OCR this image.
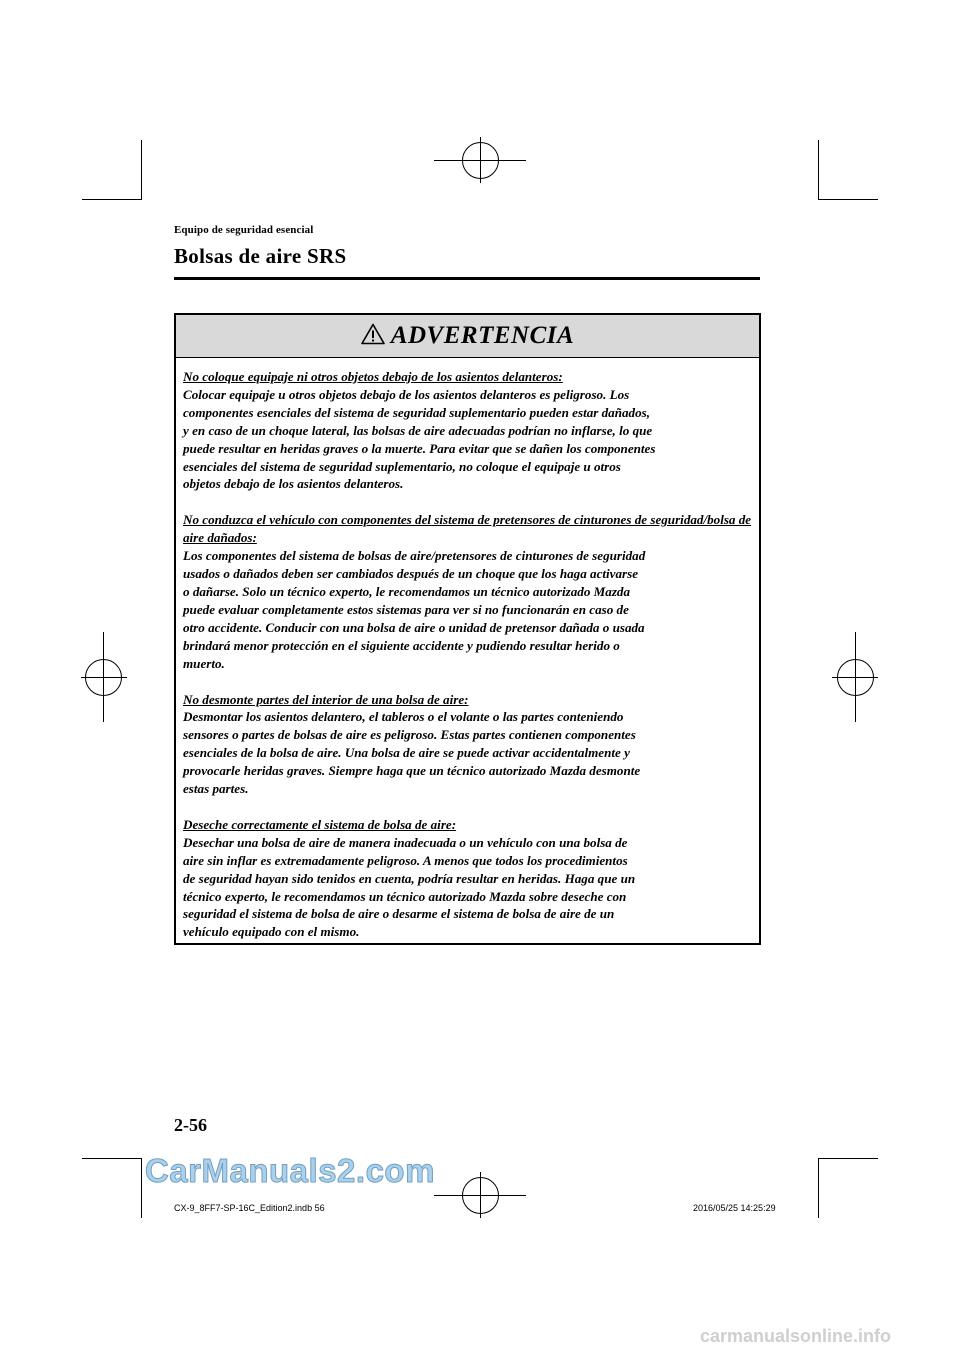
Equipo de seguridad esencial
Bolsas de aire SRS
ADVERTENCIA
No coloque equipaje ni otros objetos debajo de los asientos delanteros:
Colocar equipaje u otros objetos debajo de los asientos delanteros es peligroso. Los
componentes esenciales del sistema de seguridad suplementario pueden estar dañados,
y en caso de un choque lateral, las bolsas de aire adecuadas podrían no inflarse, lo que
puede resultar en heridas graves o la muerte. Para evitar que se dañen los componentes
esenciales del sistema de seguridad suplementario, no coloque el equipaje u otros
objetos debajo de los asientos delanteros.
No conduzca el vehículo con componentes del sistema de pretensores de cinturones de seguridad/bolsa de aire dañados:
Los componentes del sistema de bolsas de aire/pretensores de cinturones de seguridad
usados o dañados deben ser cambiados después de un choque que los haga activarse
o dañarse. Solo un técnico experto, le recomendamos un técnico autorizado Mazda
puede evaluar completamente estos sistemas para ver si no funcionarán en caso de
otro accidente. Conducir con una bolsa de aire o unidad de pretensor dañada o usada
brindará menor protección en el siguiente accidente y pudiendo resultar herido o
muerto.
No desmonte partes del interior de una bolsa de aire:
Desmontar los asientos delantero, el tableros o el volante o las partes conteniendo
sensores o partes de bolsas de aire es peligroso. Estas partes contienen componentes
esenciales de la bolsa de aire. Una bolsa de aire se puede activar accidentalmente y
provocarle heridas graves. Siempre haga que un técnico autorizado Mazda desmonte
estas partes.
Deseche correctamente el sistema de bolsa de aire:
Desechar una bolsa de aire de manera inadecuada o un vehículo con una bolsa de
aire sin inflar es extremadamente peligroso. A menos que todos los procedimientos
de seguridad hayan sido tenidos en cuenta, podría resultar en heridas. Haga que un
técnico experto, le recomendamos un técnico autorizado Mazda sobre deseche con
seguridad el sistema de bolsa de aire o desarme el sistema de bolsa de aire de un
vehículo equipado con el mismo.
2-56
CarManuals2.com
CX-9_8FF7-SP-16C_Edition2.indb 56	2016/05/25 14:25:29
carmanualsonline.info
